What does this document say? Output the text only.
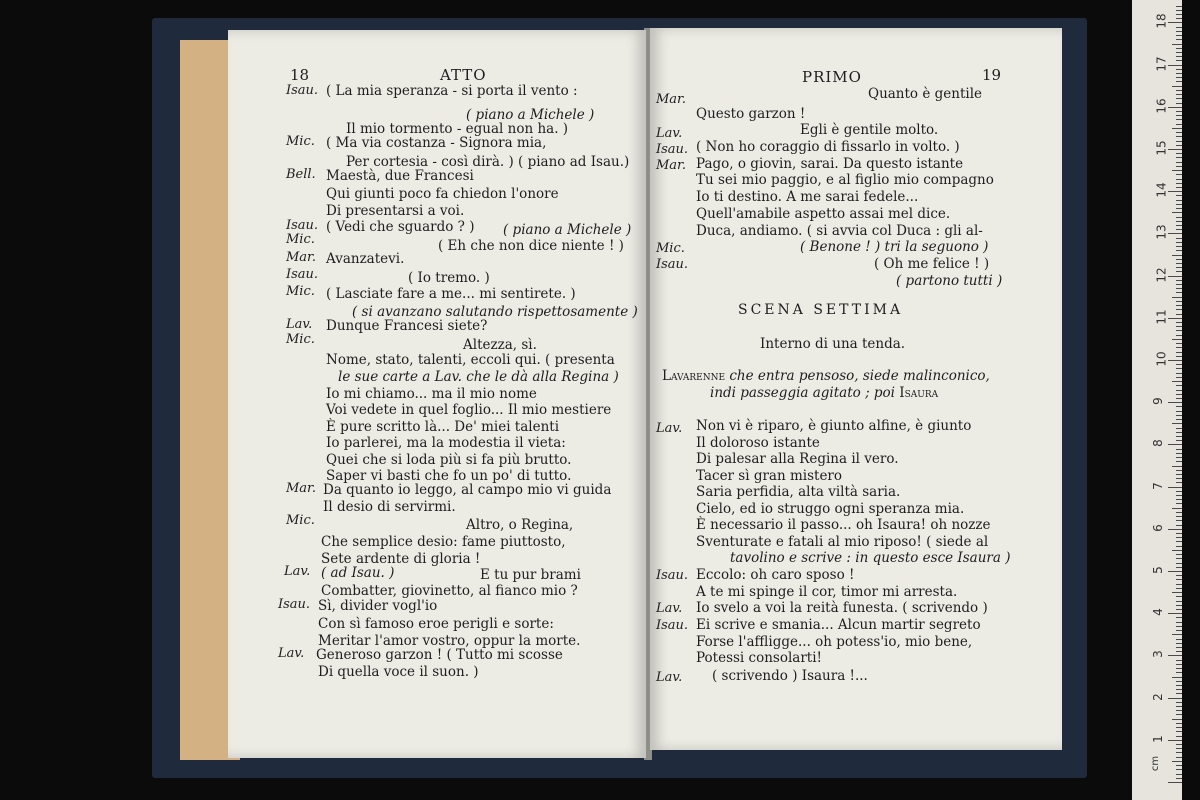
18	ATTO
Isau. ( La mia speranza - si porta il vento :
( piano a Michele )
Il mio tormento - egual non ha. )
Mic. ( Ma via costanza - Signora mia,
Per cortesia - così dirà. ) ( piano ad Isau.)
Bell. Maestà, due Francesi
Qui giunti poco fa chiedon l'onore
Di presentarsi a voi.
Isau. ( Vedi che sguardo ? ) ( piano a Michele )
Mic.	( Eh che non dice niente ! )
Mar. Avanzatevi.
Isau.	( Io tremo. )
Mic. ( Lasciate fare a me... mi sentirete. )
( si avanzano salutando rispettosamente )
Lav. Dunque Francesi siete?
Mic.	Altezza, sì.
Nome, stato, talenti, eccoli qui. ( presenta
le sue carte a Lav. che le dà alla Regina )
Io mi chiamo... ma il mio nome
Voi vedete in quel foglio... Il mio mestiere
È pure scritto là... De' miei talenti
Io parlerei, ma la modestia il vieta:
Quei che si loda più si fa più brutto.
Saper vi basti che fo un po' di tutto.
Mar. Da quanto io leggo, al campo mio vi guida
Il desio di servirmi.
Mic.	Altro, o Regina,
Che semplice desio: fame piuttosto,
Sete ardente di gloria !
Lav. ( ad Isau. )	E tu pur brami
Combatter, giovinetto, al fianco mio ?
Isau. Sì, divider vogl'io
Con sì famoso eroe perigli e sorte:
Meritar l'amor vostro, oppur la morte.
Lav. Generoso garzon ! ( Tutto mi scosse
Di quella voce il suon. )
PRIMO	19
Mar.	Quanto è gentile
Questo garzon !
Lav.	Egli è gentile molto.
Isau. ( Non ho coraggio di fissarlo in volto. )
Mar. Pago, o giovin, sarai. Da questo istante
Tu sei mio paggio, e al figlio mio compagno
Io ti destino. A me sarai fedele...
Quell'amabile aspetto assai mel dice.
Duca, andiamo. ( si avvia col Duca : gli al-
Mic.	( Benone ! ) tri la seguono )
Isau.	( Oh me felice ! )
( partono tutti )
SCENA SETTIMA
Interno di una tenda.
Lavarenne che entra pensoso, siede malinconico,
indi passeggia agitato ; poi Isaura
Lav. Non vi è riparo, è giunto alfine, è giunto
Il doloroso istante
Di palesar alla Regina il vero.
Tacer sì gran mistero
Saria perfidia, alta viltà saria.
Cielo, ed io struggo ogni speranza mia.
È necessario il passo... oh Isaura! oh nozze
Sventurate e fatali al mio riposo! ( siede al
tavolino e scrive : in questo esce Isaura )
Isau. Eccolo: oh caro sposo !
A te mi spinge il cor, timor mi arresta.
Lav. Io svelo a voi la reità funesta. ( scrivendo )
Isau. Ei scrive e smania... Alcun martir segreto
Forse l'affligge... oh potess'io, mio bene,
Potessi consolarti!
Lav. ( scrivendo ) Isaura !...
cm
1
2
3
4
5
6
7
8
9
10
11
12
13
14
15
16
17
18
